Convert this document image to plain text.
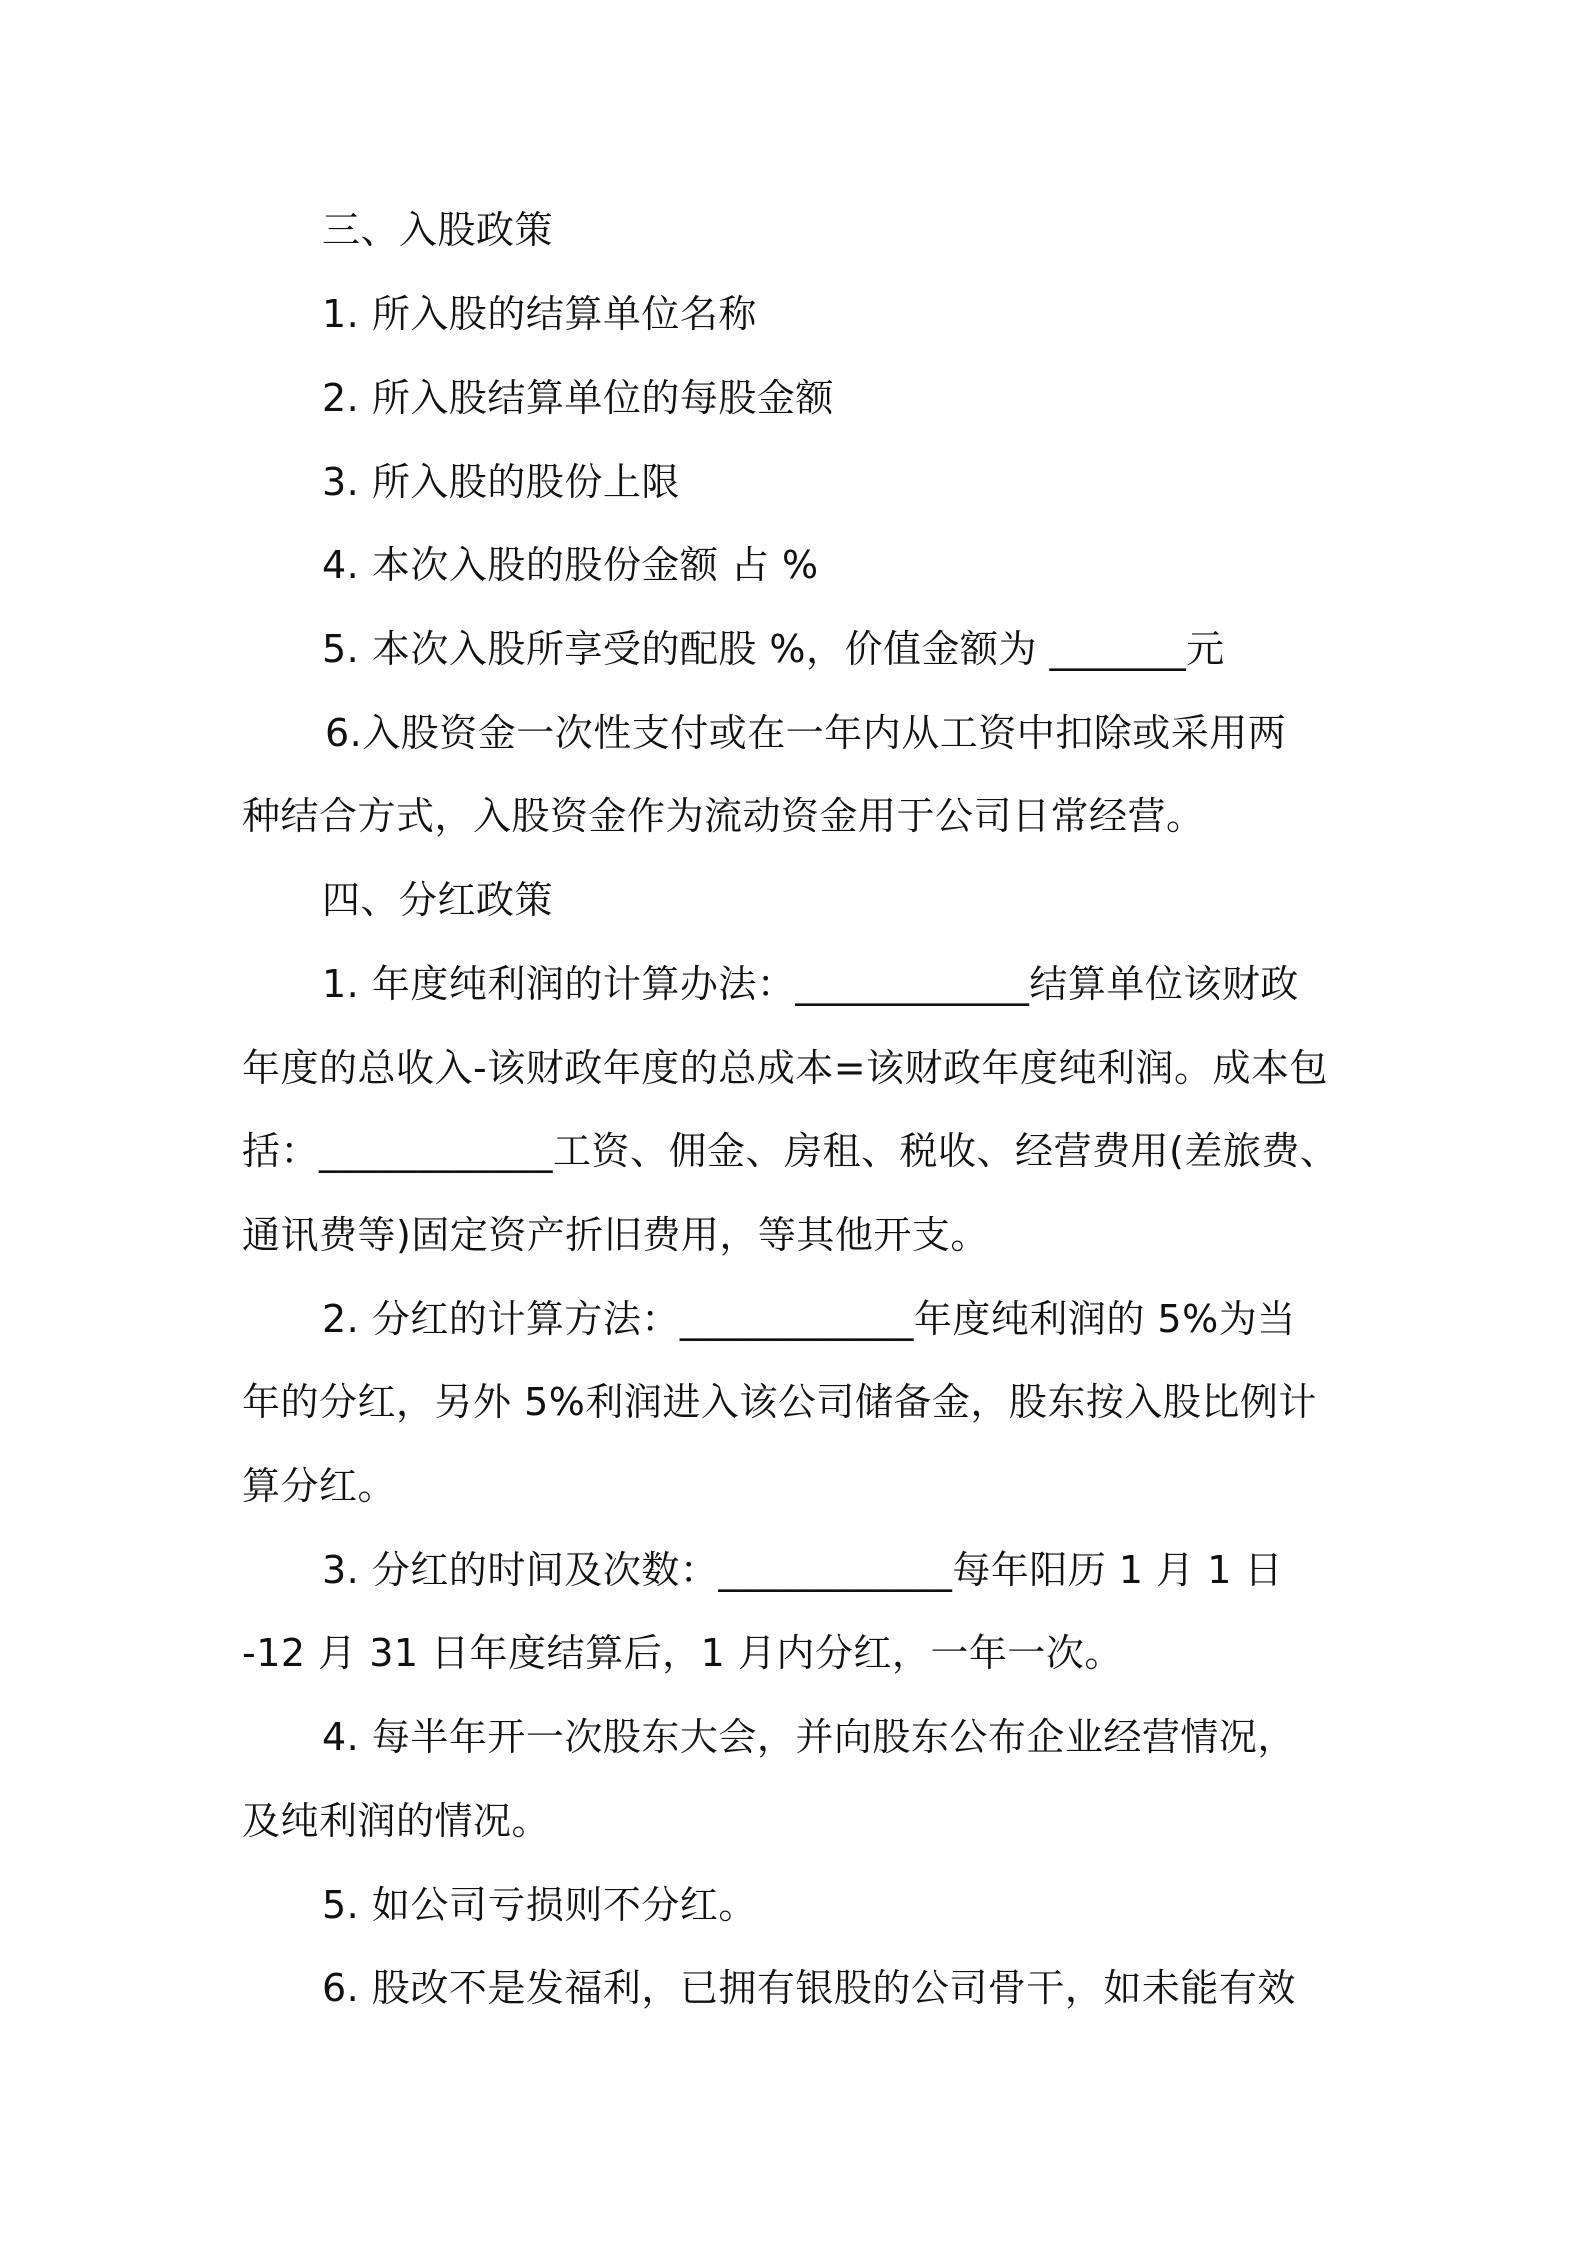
三、入股政策
1. 所入股的结算单位名称
2. 所入股结算单位的每股金额
3. 所入股的股份上限
4. 本次入股的股份金额 占 %
5. 本次入股所享受的配股 %，价值金额为 _______元
6.入股资金一次性支付或在一年内从工资中扣除或采用两
种结合方式，入股资金作为流动资金用于公司日常经营。
四、分红政策
1. 年度纯利润的计算办法：____________结算单位该财政
年度的总收入-该财政年度的总成本=该财政年度纯利润。成本包
括：____________工资、佣金、房租、税收、经营费用(差旅费、
通讯费等)固定资产折旧费用，等其他开支。
2. 分红的计算方法：____________年度纯利润的 5%为当
年的分红，另外 5%利润进入该公司储备金，股东按入股比例计
算分红。
3. 分红的时间及次数：____________每年阳历 1 月 1 日
-12 月 31 日年度结算后，1 月内分红，一年一次。
4. 每半年开一次股东大会，并向股东公布企业经营情况，
及纯利润的情况。
5. 如公司亏损则不分红。
6. 股改不是发福利，已拥有银股的公司骨干，如未能有效
